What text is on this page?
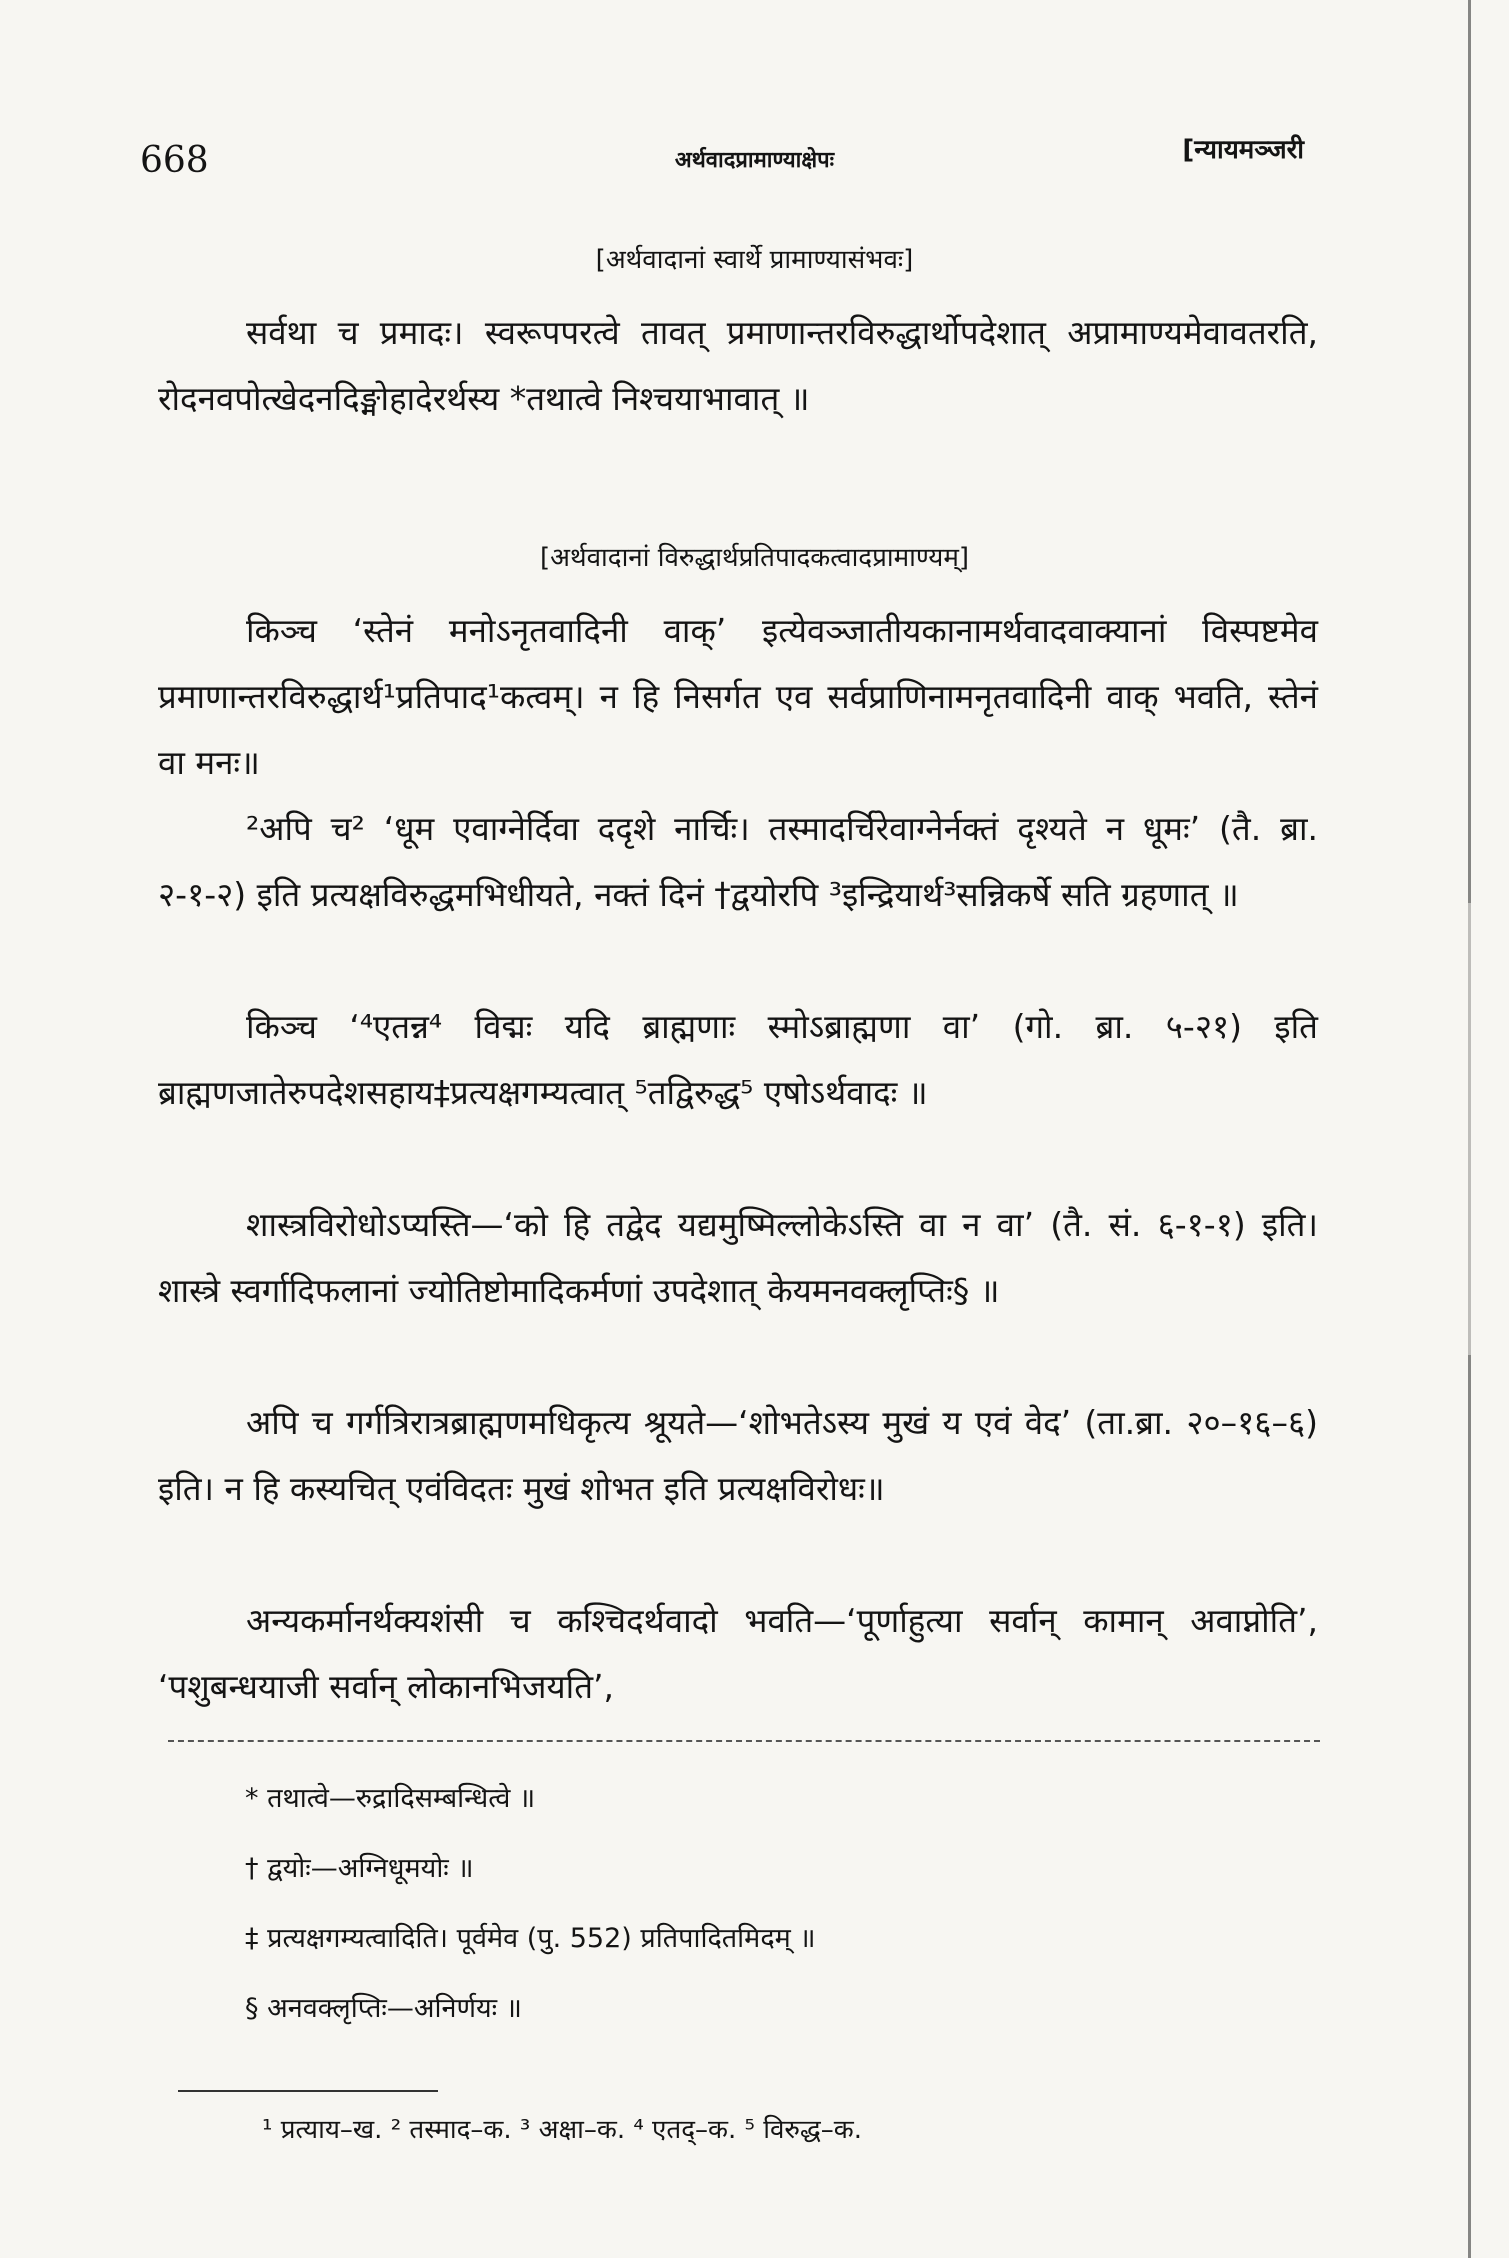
668	अर्थवादप्रामाण्याक्षेपः	[न्यायमञ्जरी
[अर्थवादानां स्वार्थे प्रामाण्यासंभवः]

सर्वथा च प्रमादः। स्वरूपपरत्वे तावत् प्रमाणान्तरविरुद्धार्थोपदेशात् अप्रामाण्यमेवावतरति, रोदनवपोत्खेदनदिङ्मोहादेरर्थस्य *तथात्वे निश्चयाभावात् ॥

[अर्थवादानां विरुद्धार्थप्रतिपादकत्वादप्रामाण्यम्]

किञ्च ‘स्तेनं मनोऽनृतवादिनी वाक्’ इत्येवञ्जातीयकानामर्थवादवाक्यानां विस्पष्टमेव प्रमाणान्तरविरुद्धार्थ¹प्रतिपाद¹कत्वम्। न हि निसर्गत एव सर्वप्राणिनामनृतवादिनी वाक् भवति, स्तेनं वा मनः॥

²अपि च² ‘धूम एवाग्नेर्दिवा ददृशे नार्चिः। तस्मादर्चिरेवाग्नेर्नक्तं दृश्यते न धूमः’ (तै. ब्रा. २-१-२) इति प्रत्यक्षविरुद्धमभिधीयते, नक्तं दिनं †द्वयोरपि ³इन्द्रियार्थ³सन्निकर्षे सति ग्रहणात् ॥

किञ्च ‘⁴एतन्न⁴ विद्मः यदि ब्राह्मणाः स्मोऽब्राह्मणा वा’ (गो. ब्रा. ५-२१) इति ब्राह्मणजातेरुपदेशसहाय‡प्रत्यक्षगम्यत्वात् ⁵तद्विरुद्ध⁵ एषोऽर्थवादः ॥

शास्त्रविरोधोऽप्यस्ति—‘को हि तद्वेद यद्यमुष्मिल्लोकेऽस्ति वा न वा’ (तै. सं. ६-१-१) इति। शास्त्रे स्वर्गादिफलानां ज्योतिष्टोमादिकर्मणां उपदेशात् केयमनवक्लृप्तिः§ ॥

अपि च गर्गत्रिरात्रब्राह्मणमधिकृत्य श्रूयते—‘शोभतेऽस्य मुखं य एवं वेद’ (ता.ब्रा. २०–१६–६) इति। न हि कस्यचित् एवंविदतः मुखं शोभत इति प्रत्यक्षविरोधः॥

अन्यकर्मानर्थक्यशंसी च कश्चिदर्थवादो भवति—‘पूर्णाहुत्या सर्वान् कामान् अवाप्नोति’, ‘पशुबन्धयाजी सर्वान् लोकानभिजयति’,

* तथात्वे—रुद्रादिसम्बन्धित्वे ॥
† द्वयोः—अग्निधूमयोः ॥
‡ प्रत्यक्षगम्यत्वादिति। पूर्वमेव (पु. 552) प्रतिपादितमिदम् ॥
§ अनवक्लृप्तिः—अनिर्णयः ॥
¹ प्रत्याय–ख. ² तस्माद–क. ³ अक्षा–क. ⁴ एतद्–क. ⁵ विरुद्ध–क.
